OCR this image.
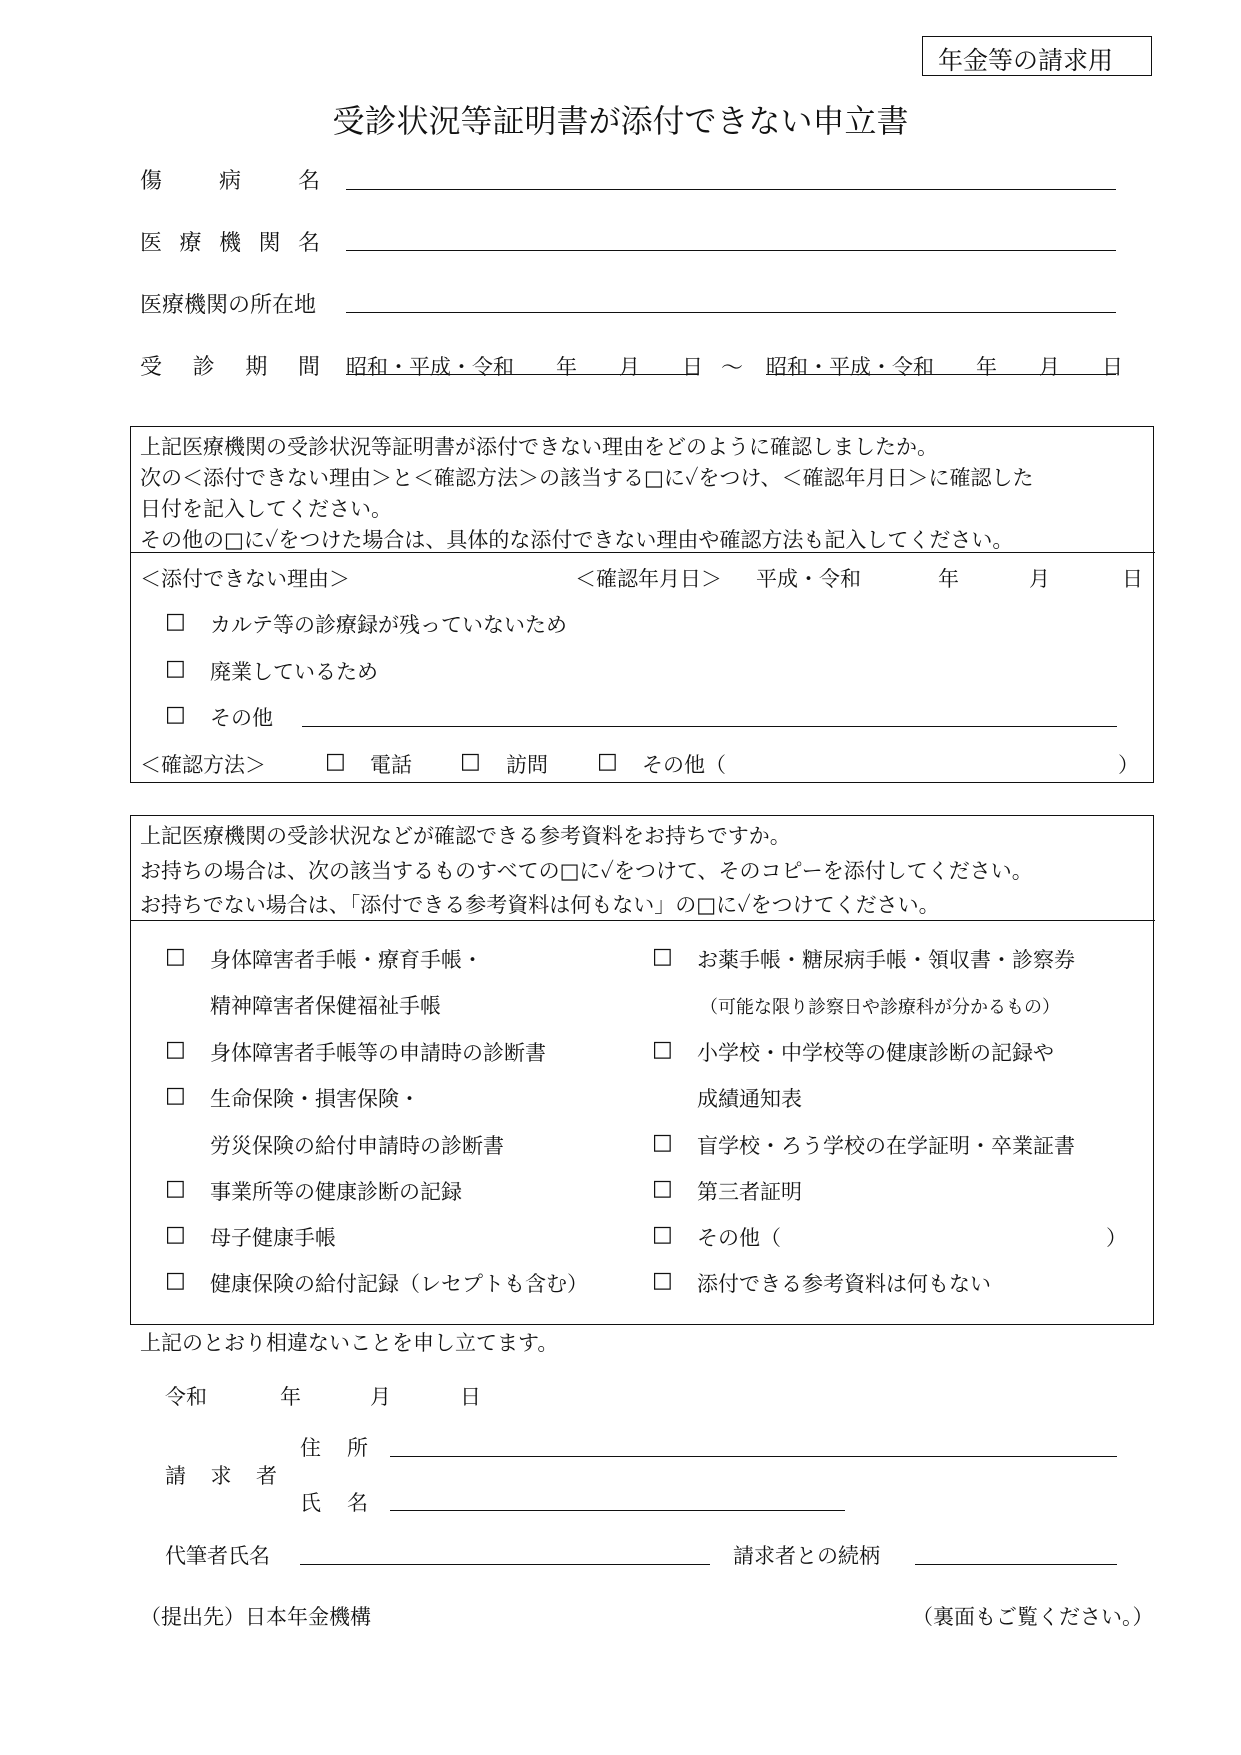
年金等の請求用
受診状況等証明書が添付できない申立書
傷	病	名
医 療 機 関 名
医療機関の所在地
受 診 期 間 昭和・平成・令和　　年　　月　　日 〜 昭和・平成・令和　　年　　月　　日
上記医療機関の受診状況等証明書が添付できない理由をどのように確認しましたか。
次の＜添付できない理由＞と＜確認方法＞の該当する□に✓をつけ、＜確認年月日＞に確認した
日付を記入してください。
その他の□に✓をつけた場合は、具体的な添付できない理由や確認方法も記入してください。
＜添付できない理由＞	＜確認年月日＞ 平成・令和	年	月	日
□ カルテ等の診療録が残っていないため
□ 廃業しているため
□ その他
＜確認方法＞	□ 電話 □ 訪問 □ その他（	）
上記医療機関の受診状況などが確認できる参考資料をお持ちですか。
お持ちの場合は、次の該当するものすべての□に✓をつけて、そのコピーを添付してください。
お持ちでない場合は、「添付できる参考資料は何もない」の□に✓をつけてください。
□ 身体障害者手帳・療育手帳・
精神障害者保健福祉手帳
□ 身体障害者手帳等の申請時の診断書
□ 生命保険・損害保険・
労災保険の給付申請時の診断書
□ 事業所等の健康診断の記録
□ 母子健康手帳
□ 健康保険の給付記録（レセプトも含む）
□ お薬手帳・糖尿病手帳・領収書・診察券
（可能な限り診察日や診療科が分かるもの）
□ 小学校・中学校等の健康診断の記録や
成績通知表
□ 盲学校・ろう学校の在学証明・卒業証書
□ 第三者証明
□ その他（	）
□ 添付できる参考資料は何もない
上記のとおり相違ないことを申し立てます。
令和	年	月	日
請 求 者
住 所
氏 名
代筆者氏名	請求者との続柄
（提出先）日本年金機構	（裏面もご覧ください。）
